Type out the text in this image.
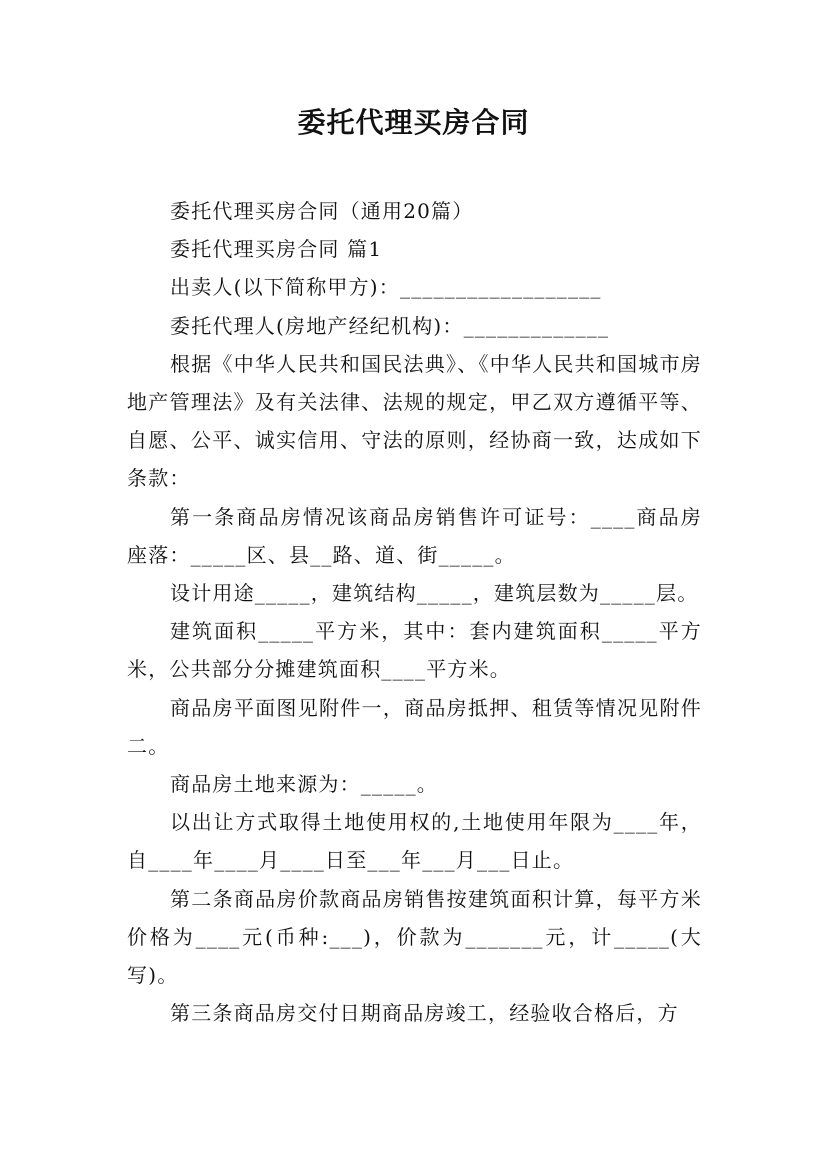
委托代理买房合同

委托代理买房合同（通用20篇）

委托代理买房合同 篇1

出卖人(以下简称甲方)：__________________

委托代理人(房地产经纪机构)：_____________

根据《中华人民共和国民法典》、《中华人民共和国城市房地产管理法》及有关法律、法规的规定，甲乙双方遵循平等、自愿、公平、诚实信用、守法的原则，经协商一致，达成如下条款：

第一条商品房情况该商品房销售许可证号：____商品房座落：_____区、县__路、道、街_____。

设计用途_____，建筑结构_____，建筑层数为_____层。

建筑面积_____平方米，其中：套内建筑面积_____平方米，公共部分分摊建筑面积____平方米。

商品房平面图见附件一，商品房抵押、租赁等情况见附件二。

商品房土地来源为：_____。

以出让方式取得土地使用权的,土地使用年限为____年，自____年____月____日至___年___月___日止。

第二条商品房价款商品房销售按建筑面积计算，每平方米价格为____元(币种:___)，价款为_______元，计_____(大写)。

第三条商品房交付日期商品房竣工，经验收合格后，方
